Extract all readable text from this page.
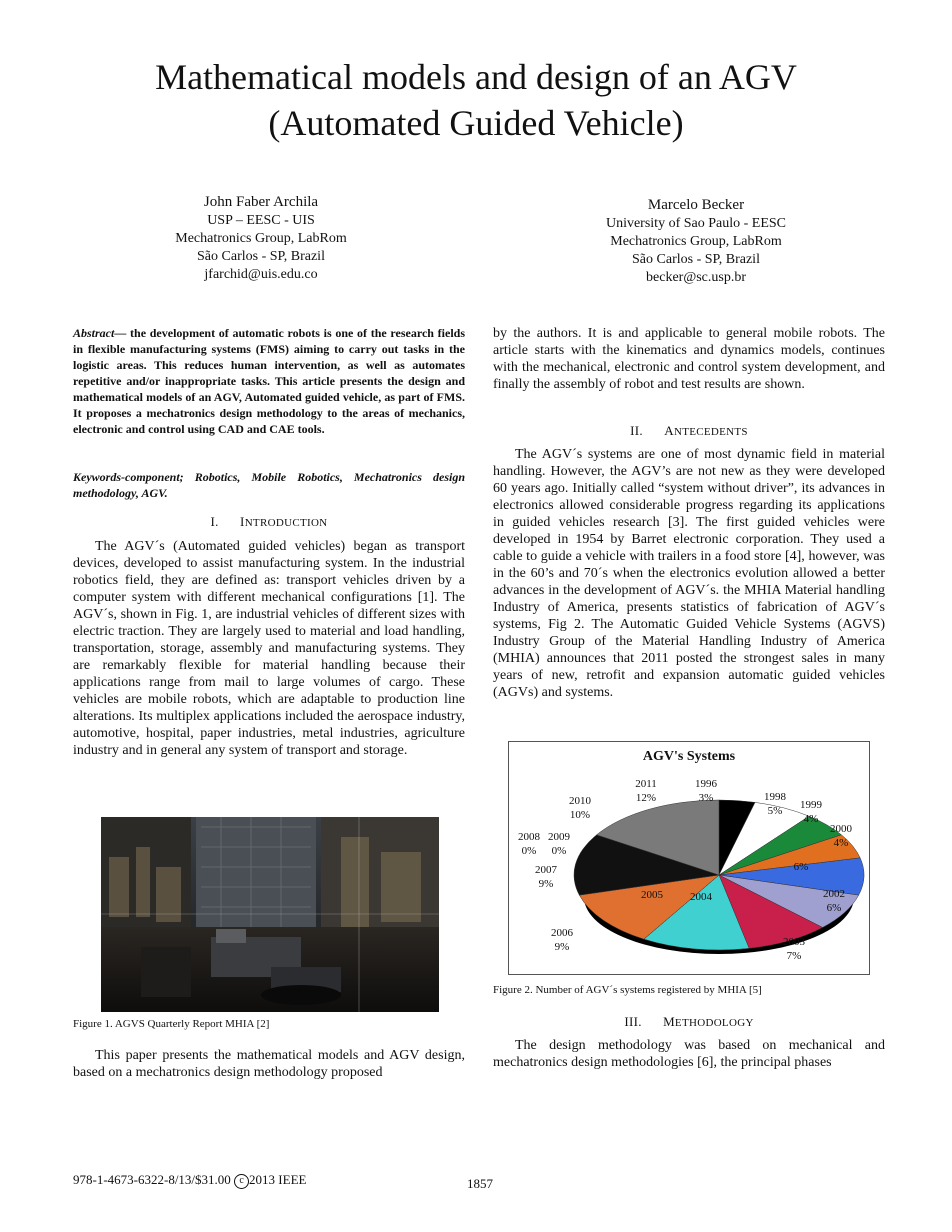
Mathematical models and design of an AGV
(Automated Guided Vehicle)
John Faber Archila
USP – EESC - UIS
Mechatronics Group, LabRom
São Carlos - SP, Brazil
jfarchid@uis.edu.co
Marcelo Becker
University of Sao Paulo - EESC
Mechatronics Group, LabRom
São Carlos - SP, Brazil
becker@sc.usp.br
Abstract— the development of automatic robots is one of the research fields in flexible manufacturing systems (FMS) aiming to carry out tasks in the logistic areas. This reduces human intervention, as well as automates repetitive and/or inappropriate tasks. This article presents the design and mathematical models of an AGV, Automated guided vehicle, as part of FMS. It proposes a mechatronics design methodology to the areas of mechanics, electronic and control using CAD and CAE tools.
Keywords-component; Robotics, Mobile Robotics, Mechatronics design methodology, AGV.
I. INTRODUCTION

The AGV´s (Automated guided vehicles) began as transport devices, developed to assist manufacturing system. In the industrial robotics field, they are defined as: transport vehicles driven by a computer system with different mechanical configurations [1]. The AGV´s, shown in Fig. 1, are industrial vehicles of different sizes with electric traction. They are largely used to material and load handling, transportation, storage, assembly and manufacturing systems. They are remarkably flexible for material handling because their applications range from mail to large volumes of cargo. These vehicles are mobile robots, which are adaptable to production line alterations. Its multiplex applications included the aerospace industry, automotive, hospital, paper industries, metal industries, agriculture industry and in general any system of transport and storage.

Figure 1. AGVS Quarterly Report MHIA [2]

This paper presents the mathematical models and AGV design, based on a mechatronics design methodology proposed

by the authors. It is and applicable to general mobile robots. The article starts with the kinematics and dynamics models, continues with the mechanical, electronic and control system development, and finally the assembly of robot and test results are shown.

II. ANTECEDENTS

The AGV´s systems are one of most dynamic field in material handling. However, the AGV’s are not new as they were developed 60 years ago. Initially called “system without driver”, its advances in electronics allowed considerable progress regarding its applications in guided vehicles research [3]. The first guided vehicles were developed in 1954 by Barret electronic corporation. They used a cable to guide a vehicle with trailers in a food store [4], however, was in the 60’s and 70´s when the electronics evolution allowed a better advances in the development of AGV´s. the MHIA Material handling Industry of America, presents statistics of fabrication of AGV´s systems, Fig 2. The Automatic Guided Vehicle Systems (AGVS) Industry Group of the Material Handling Industry of America (MHIA) announces that 2011 posted the strongest sales in many years of new, retrofit and expansion automatic guided vehicles (AGVs) and systems.

AGV's Systems
1996 3%	1998 5%	1999 4%
2000 4%
6%
2002 6%
2003 7%
2004
2005
2006 9%
2007 9%
2008 0%
2009 0%
2010 10%
2011 12%
Figure 2. Number of AGV´s systems registered by MHIA [5]
III. METHODOLOGY

The design methodology was based on mechanical and mechatronics design methodologies [6], the principal phases

978-1-4673-6322-8/13/$31.00 c 2013 IEEE	1857
